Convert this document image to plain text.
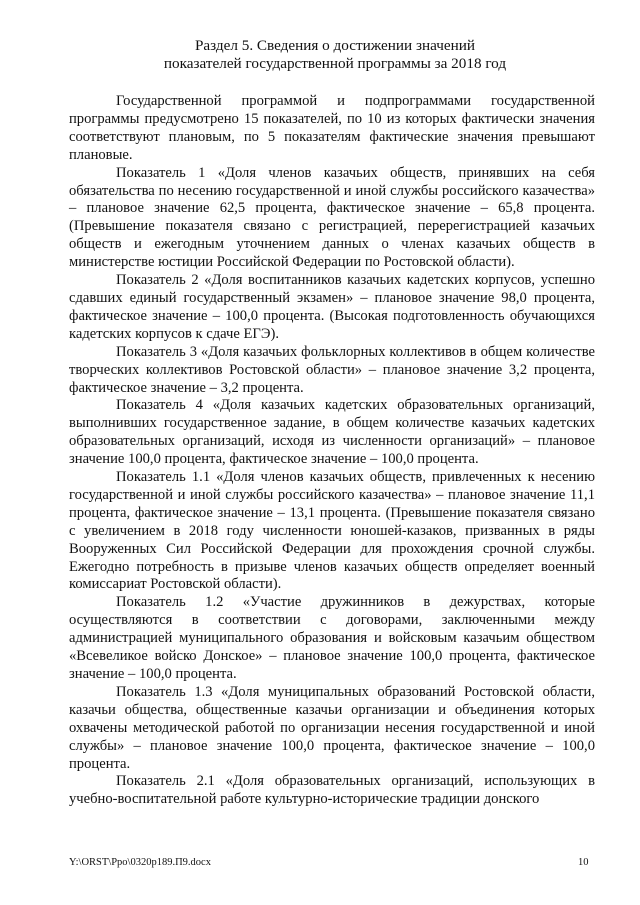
Раздел 5. Сведения о достижении значений
показателей государственной программы за 2018 год

Государственной программой и подпрограммами государственной программы предусмотрено 15 показателей, по 10 из которых фактически значения соответствуют плановым, по 5 показателям фактические значения превышают плановые.

Показатель 1 «Доля членов казачьих обществ, принявших на себя обязательства по несению государственной и иной службы российского казачества» – плановое значение 62,5 процента, фактическое значение – 65,8 процента. (Превышение показателя связано с регистрацией, перерегистрацией казачьих обществ и ежегодным уточнением данных о членах казачьих обществ в министерстве юстиции Российской Федерации по Ростовской области).

Показатель 2 «Доля воспитанников казачьих кадетских корпусов, успешно сдавших единый государственный экзамен» – плановое значение 98,0 процента, фактическое значение – 100,0 процента. (Высокая подготовленность обучающихся кадетских корпусов к сдаче ЕГЭ).

Показатель 3 «Доля казачьих фольклорных коллективов в общем количестве творческих коллективов Ростовской области» – плановое значение 3,2 процента, фактическое значение – 3,2 процента.

Показатель 4 «Доля казачьих кадетских образовательных организаций, выполнивших государственное задание, в общем количестве казачьих кадетских образовательных организаций, исходя из численности организаций» – плановое значение 100,0 процента, фактическое значение – 100,0 процента.

Показатель 1.1 «Доля членов казачьих обществ, привлеченных к несению государственной и иной службы российского казачества» – плановое значение 11,1 процента, фактическое значение – 13,1 процента. (Превышение показателя связано с увеличением в 2018 году численности юношей-казаков, призванных в ряды Вооруженных Сил Российской Федерации для прохождения срочной службы. Ежегодно потребность в призыве членов казачьих обществ определяет военный комиссариат Ростовской области).

Показатель 1.2 «Участие дружинников в дежурствах, которые осуществляются в соответствии с договорами, заключенными между администрацией муниципального образования и войсковым казачьим обществом «Всевеликое войско Донское» – плановое значение 100,0 процента, фактическое значение – 100,0 процента.

Показатель 1.3 «Доля муниципальных образований Ростовской области, казачьи общества, общественные казачьи организации и объединения которых охвачены методической работой по организации несения государственной и иной службы» – плановое значение 100,0 процента, фактическое значение – 100,0 процента.

Показатель 2.1 «Доля образовательных организаций, использующих в учебно-воспитательной работе культурно-исторические традиции донского

Y:\ORST\Ppo\0320p189.П9.docx	10
